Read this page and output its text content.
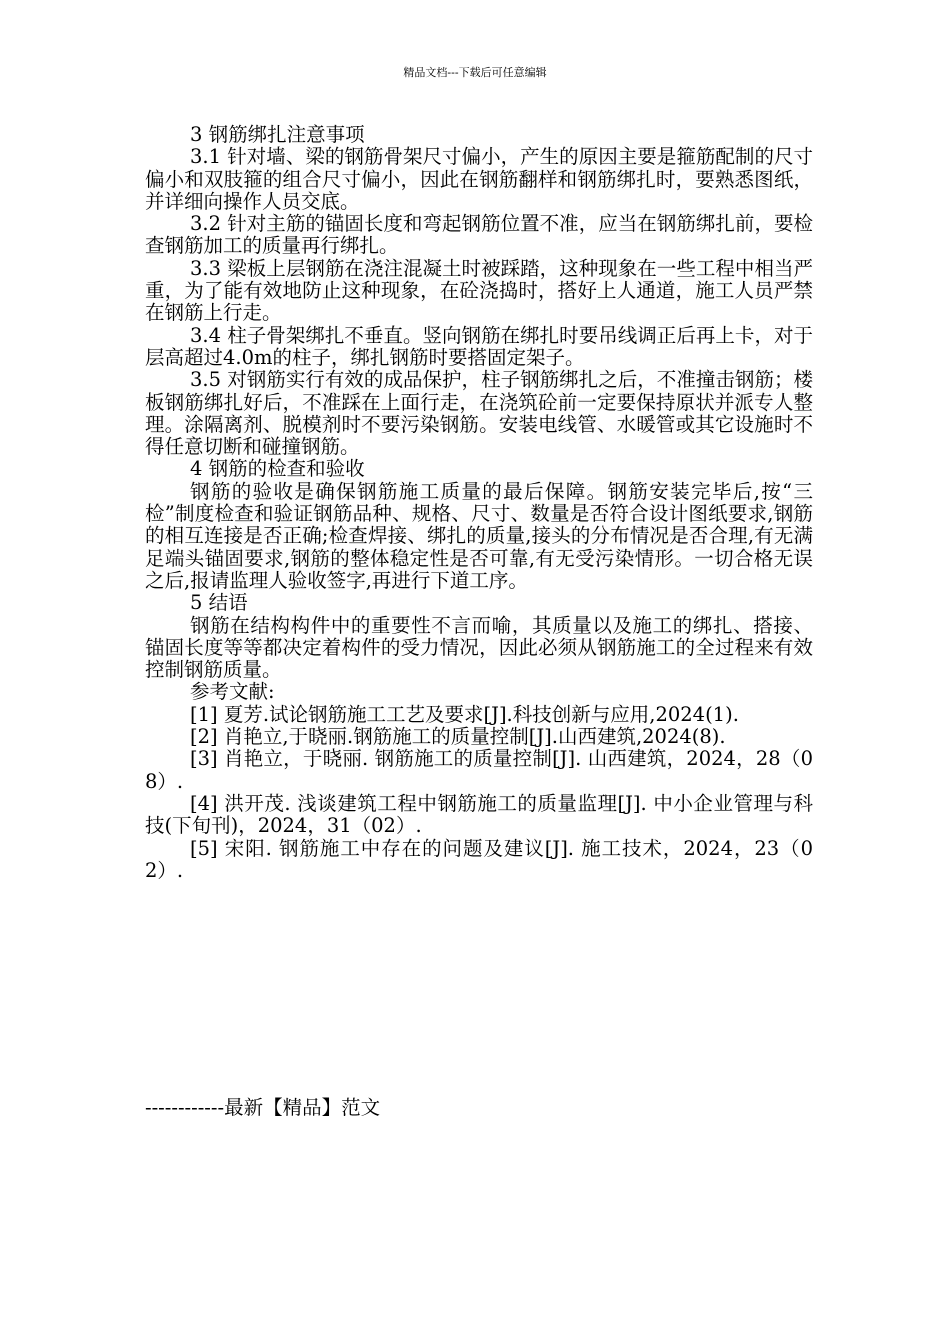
精品文档---下载后可任意编辑

3 钢筋绑扎注意事项

3.1 针对墙、梁的钢筋骨架尺寸偏小，产生的原因主要是箍筋配制的尺寸偏小和双肢箍的组合尺寸偏小，因此在钢筋翻样和钢筋绑扎时，要熟悉图纸，并详细向操作人员交底。

3.2 针对主筋的锚固长度和弯起钢筋位置不准，应当在钢筋绑扎前，要检查钢筋加工的质量再行绑扎。

3.3 梁板上层钢筋在浇注混凝土时被踩踏，这种现象在一些工程中相当严重，为了能有效地防止这种现象，在砼浇捣时，搭好上人通道，施工人员严禁在钢筋上行走。

3.4 柱子骨架绑扎不垂直。竖向钢筋在绑扎时要吊线调正后再上卡，对于层高超过4.0m的柱子，绑扎钢筋时要搭固定架子。

3.5 对钢筋实行有效的成品保护，柱子钢筋绑扎之后，不准撞击钢筋；楼板钢筋绑扎好后，不准踩在上面行走，在浇筑砼前一定要保持原状并派专人整理。涂隔离剂、脱模剂时不要污染钢筋。安装电线管、水暖管或其它设施时不得任意切断和碰撞钢筋。

4 钢筋的检查和验收

钢筋的验收是确保钢筋施工质量的最后保障。钢筋安装完毕后,按“三检”制度检查和验证钢筋品种、规格、尺寸、数量是否符合设计图纸要求,钢筋的相互连接是否正确;检查焊接、绑扎的质量,接头的分布情况是否合理,有无满足端头锚固要求,钢筋的整体稳定性是否可靠,有无受污染情形。一切合格无误之后,报请监理人验收签字,再进行下道工序。

5 结语

钢筋在结构构件中的重要性不言而喻，其质量以及施工的绑扎、搭接、锚固长度等等都决定着构件的受力情况，因此必须从钢筋施工的全过程来有效控制钢筋质量。

参考文献:

[1] 夏芳.试论钢筋施工工艺及要求[J].科技创新与应用,2024(1).

[2] 肖艳立,于晓丽.钢筋施工的质量控制[J].山西建筑,2024(8).

[3] 肖艳立，于晓丽. 钢筋施工的质量控制[J]. 山西建筑，2024，28（08）.

[4] 洪开茂. 浅谈建筑工程中钢筋施工的质量监理[J]. 中小企业管理与科技(下旬刊)，2024，31（02）.

[5] 宋阳. 钢筋施工中存在的问题及建议[J]. 施工技术，2024，23（02）.

------------最新【精品】范文
